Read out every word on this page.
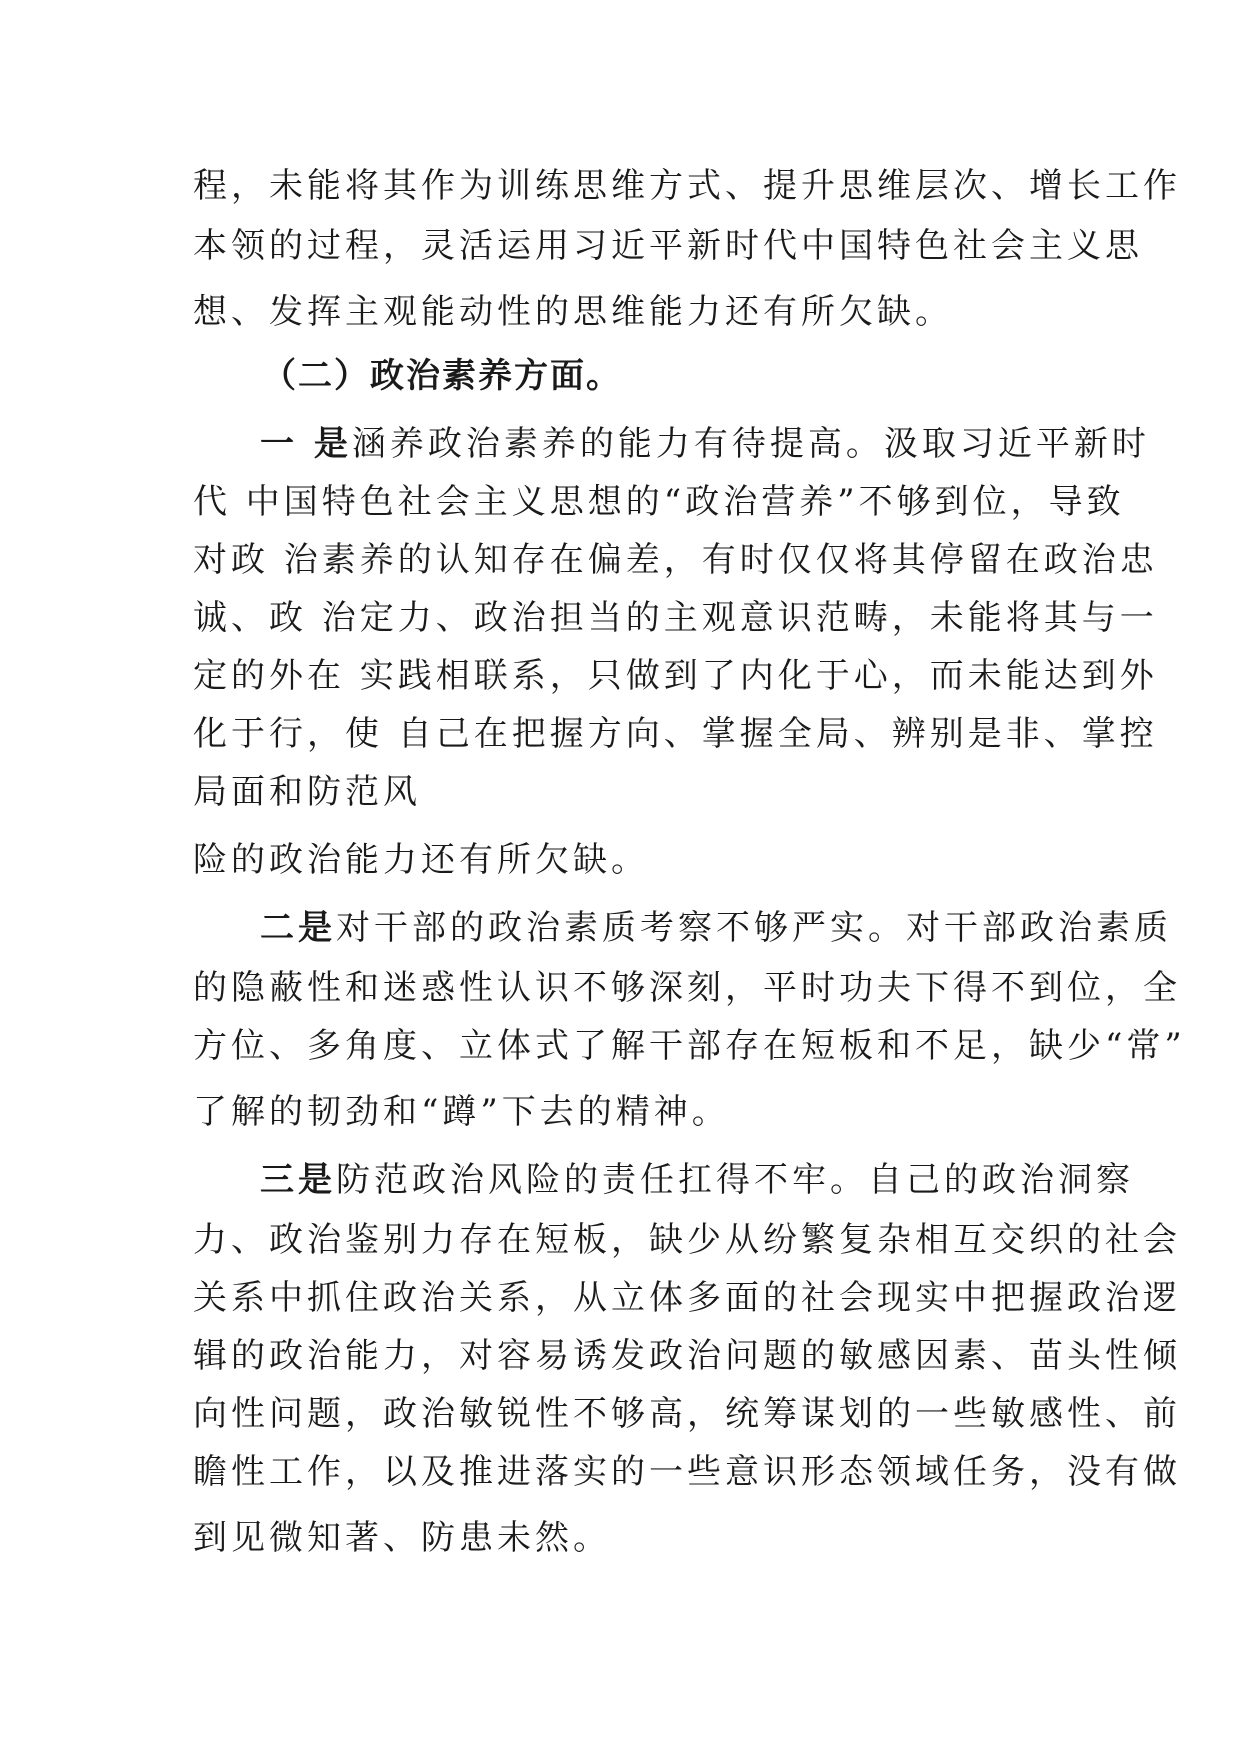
程，未能将其作为训练思维方式、提升思维层次、增长工作
本领的过程，灵活运用习近平新时代中国特色社会主义思
想、发挥主观能动性的思维能力还有所欠缺。
（二）政治素养方面。
一 是涵养政治素养的能力有待提高。汲取习近平新时
代 中国特色社会主义思想的“政治营养”不够到位，导致
对政 治素养的认知存在偏差，有时仅仅将其停留在政治忠
诚、政 治定力、政治担当的主观意识范畴，未能将其与一
定的外在 实践相联系，只做到了内化于心，而未能达到外
化于行，使 自己在把握方向、掌握全局、辨别是非、掌控
局面和防范风
险的政治能力还有所欠缺。
二是对干部的政治素质考察不够严实。对干部政治素质
的隐蔽性和迷惑性认识不够深刻，平时功夫下得不到位，全
方位、多角度、立体式了解干部存在短板和不足，缺少“常”
了解的韧劲和“蹲”下去的精神。
三是防范政治风险的责任扛得不牢。自己的政治洞察
力、政治鉴别力存在短板，缺少从纷繁复杂相互交织的社会
关系中抓住政治关系，从立体多面的社会现实中把握政治逻
辑的政治能力，对容易诱发政治问题的敏感因素、苗头性倾
向性问题，政治敏锐性不够高，统筹谋划的一些敏感性、前
瞻性工作，以及推进落实的一些意识形态领域任务，没有做
到见微知著、防患未然。
